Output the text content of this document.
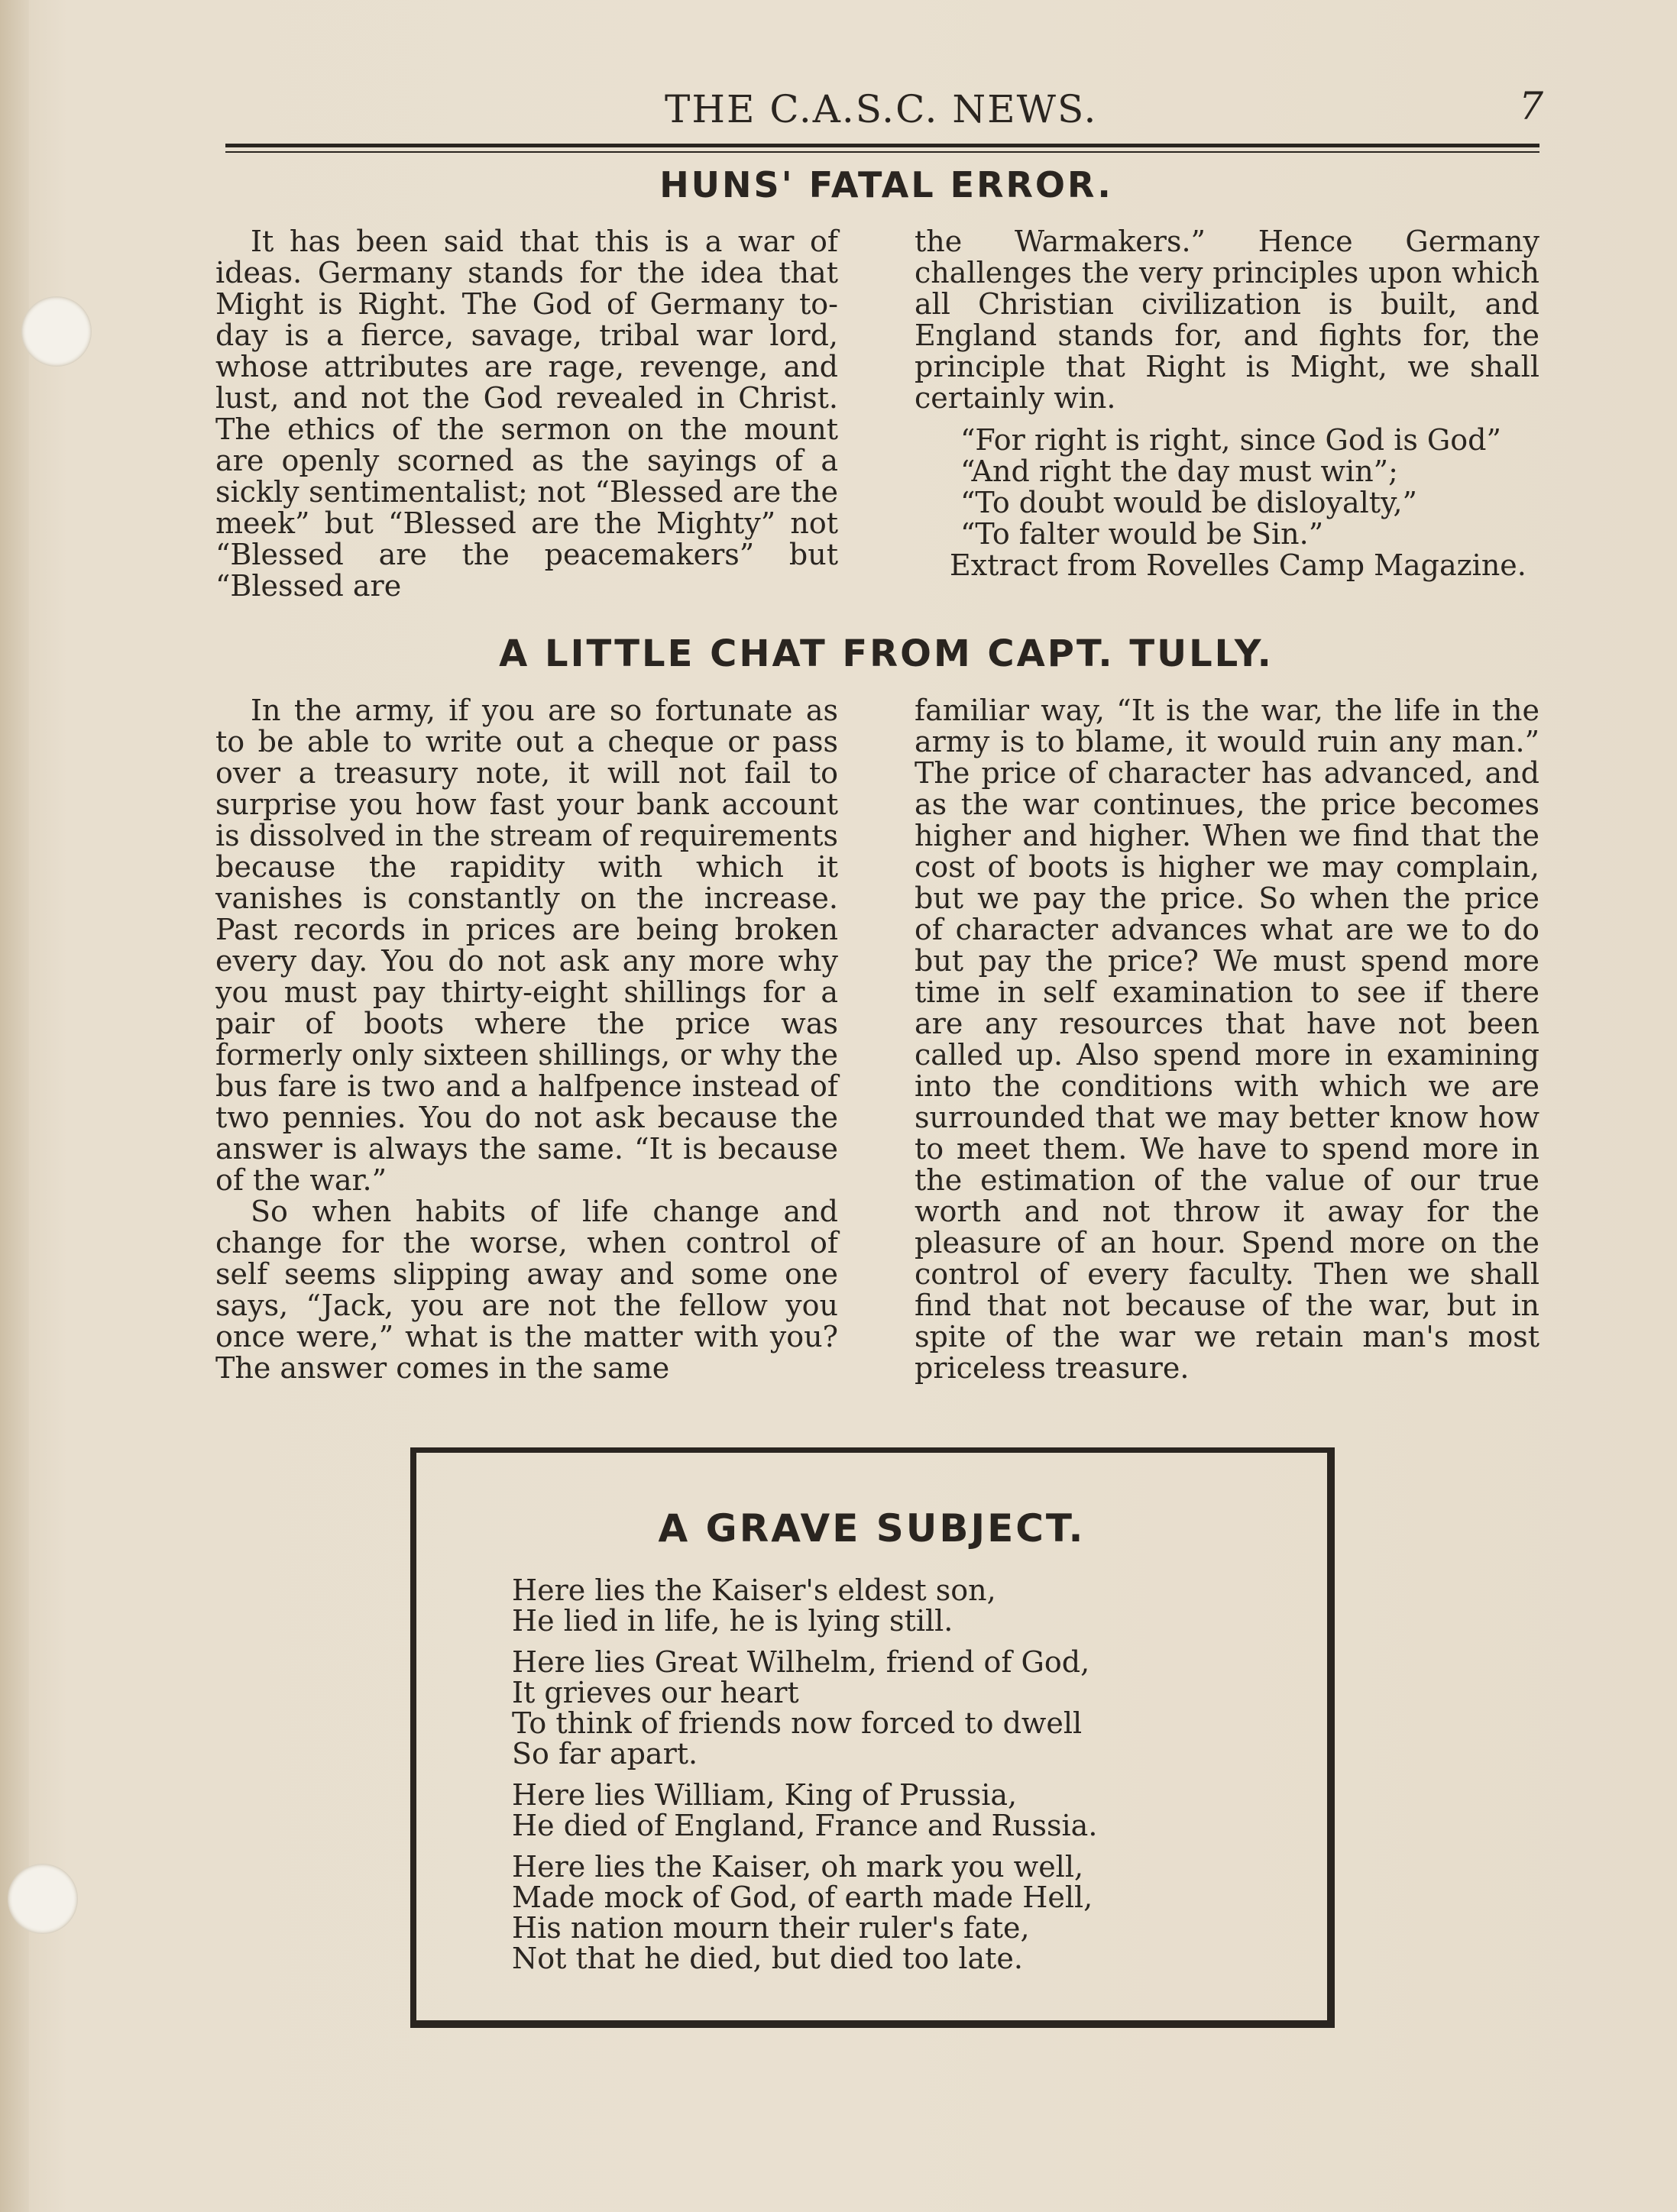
THE C.A.S.C. NEWS.	7
HUNS' FATAL ERROR.

It has been said that this is a war of ideas. Germany stands for the idea that Might is Right. The God of Germany to-day is a fierce, savage, tribal war lord, whose attributes are rage, revenge, and lust, and not the God revealed in Christ. The ethics of the sermon on the mount are openly scorned as the sayings of a sickly sentimentalist; not “Blessed are the meek” but “Blessed are the Mighty” not “Blessed are the peacemakers” but “Blessed are

the Warmakers.” Hence Germany challenges the very principles upon which all Christian civilization is built, and England stands for, and fights for, the principle that Right is Might, we shall certainly win.

“For right is right, since God is God”
“And right the day must win”;
“To doubt would be disloyalty,”
“To falter would be Sin.”

Extract from Rovelles Camp Magazine.

A LITTLE CHAT FROM CAPT. TULLY.

In the army, if you are so fortunate as to be able to write out a cheque or pass over a treasury note, it will not fail to surprise you how fast your bank account is dissolved in the stream of requirements because the rapidity with which it vanishes is constantly on the increase. Past records in prices are being broken every day. You do not ask any more why you must pay thirty-eight shillings for a pair of boots where the price was formerly only sixteen shillings, or why the bus fare is two and a halfpence instead of two pennies. You do not ask because the answer is always the same. “It is because of the war.”

So when habits of life change and change for the worse, when control of self seems slipping away and some one says, “Jack, you are not the fellow you once were,” what is the matter with you? The answer comes in the same

familiar way, “It is the war, the life in the army is to blame, it would ruin any man.” The price of character has advanced, and as the war continues, the price becomes higher and higher. When we find that the cost of boots is higher we may complain, but we pay the price. So when the price of character advances what are we to do but pay the price? We must spend more time in self examination to see if there are any resources that have not been called up. Also spend more in examining into the conditions with which we are surrounded that we may better know how to meet them. We have to spend more in the estimation of the value of our true worth and not throw it away for the pleasure of an hour. Spend more on the control of every faculty. Then we shall find that not because of the war, but in spite of the war we retain man's most priceless treasure.

A GRAVE SUBJECT.
Here lies the Kaiser's eldest son,
He lied in life, he is lying still.
Here lies Great Wilhelm, friend of God,
It grieves our heart
To think of friends now forced to dwell
So far apart.
Here lies William, King of Prussia,
He died of England, France and Russia.
Here lies the Kaiser, oh mark you well,
Made mock of God, of earth made Hell,
His nation mourn their ruler's fate,
Not that he died, but died too late.
